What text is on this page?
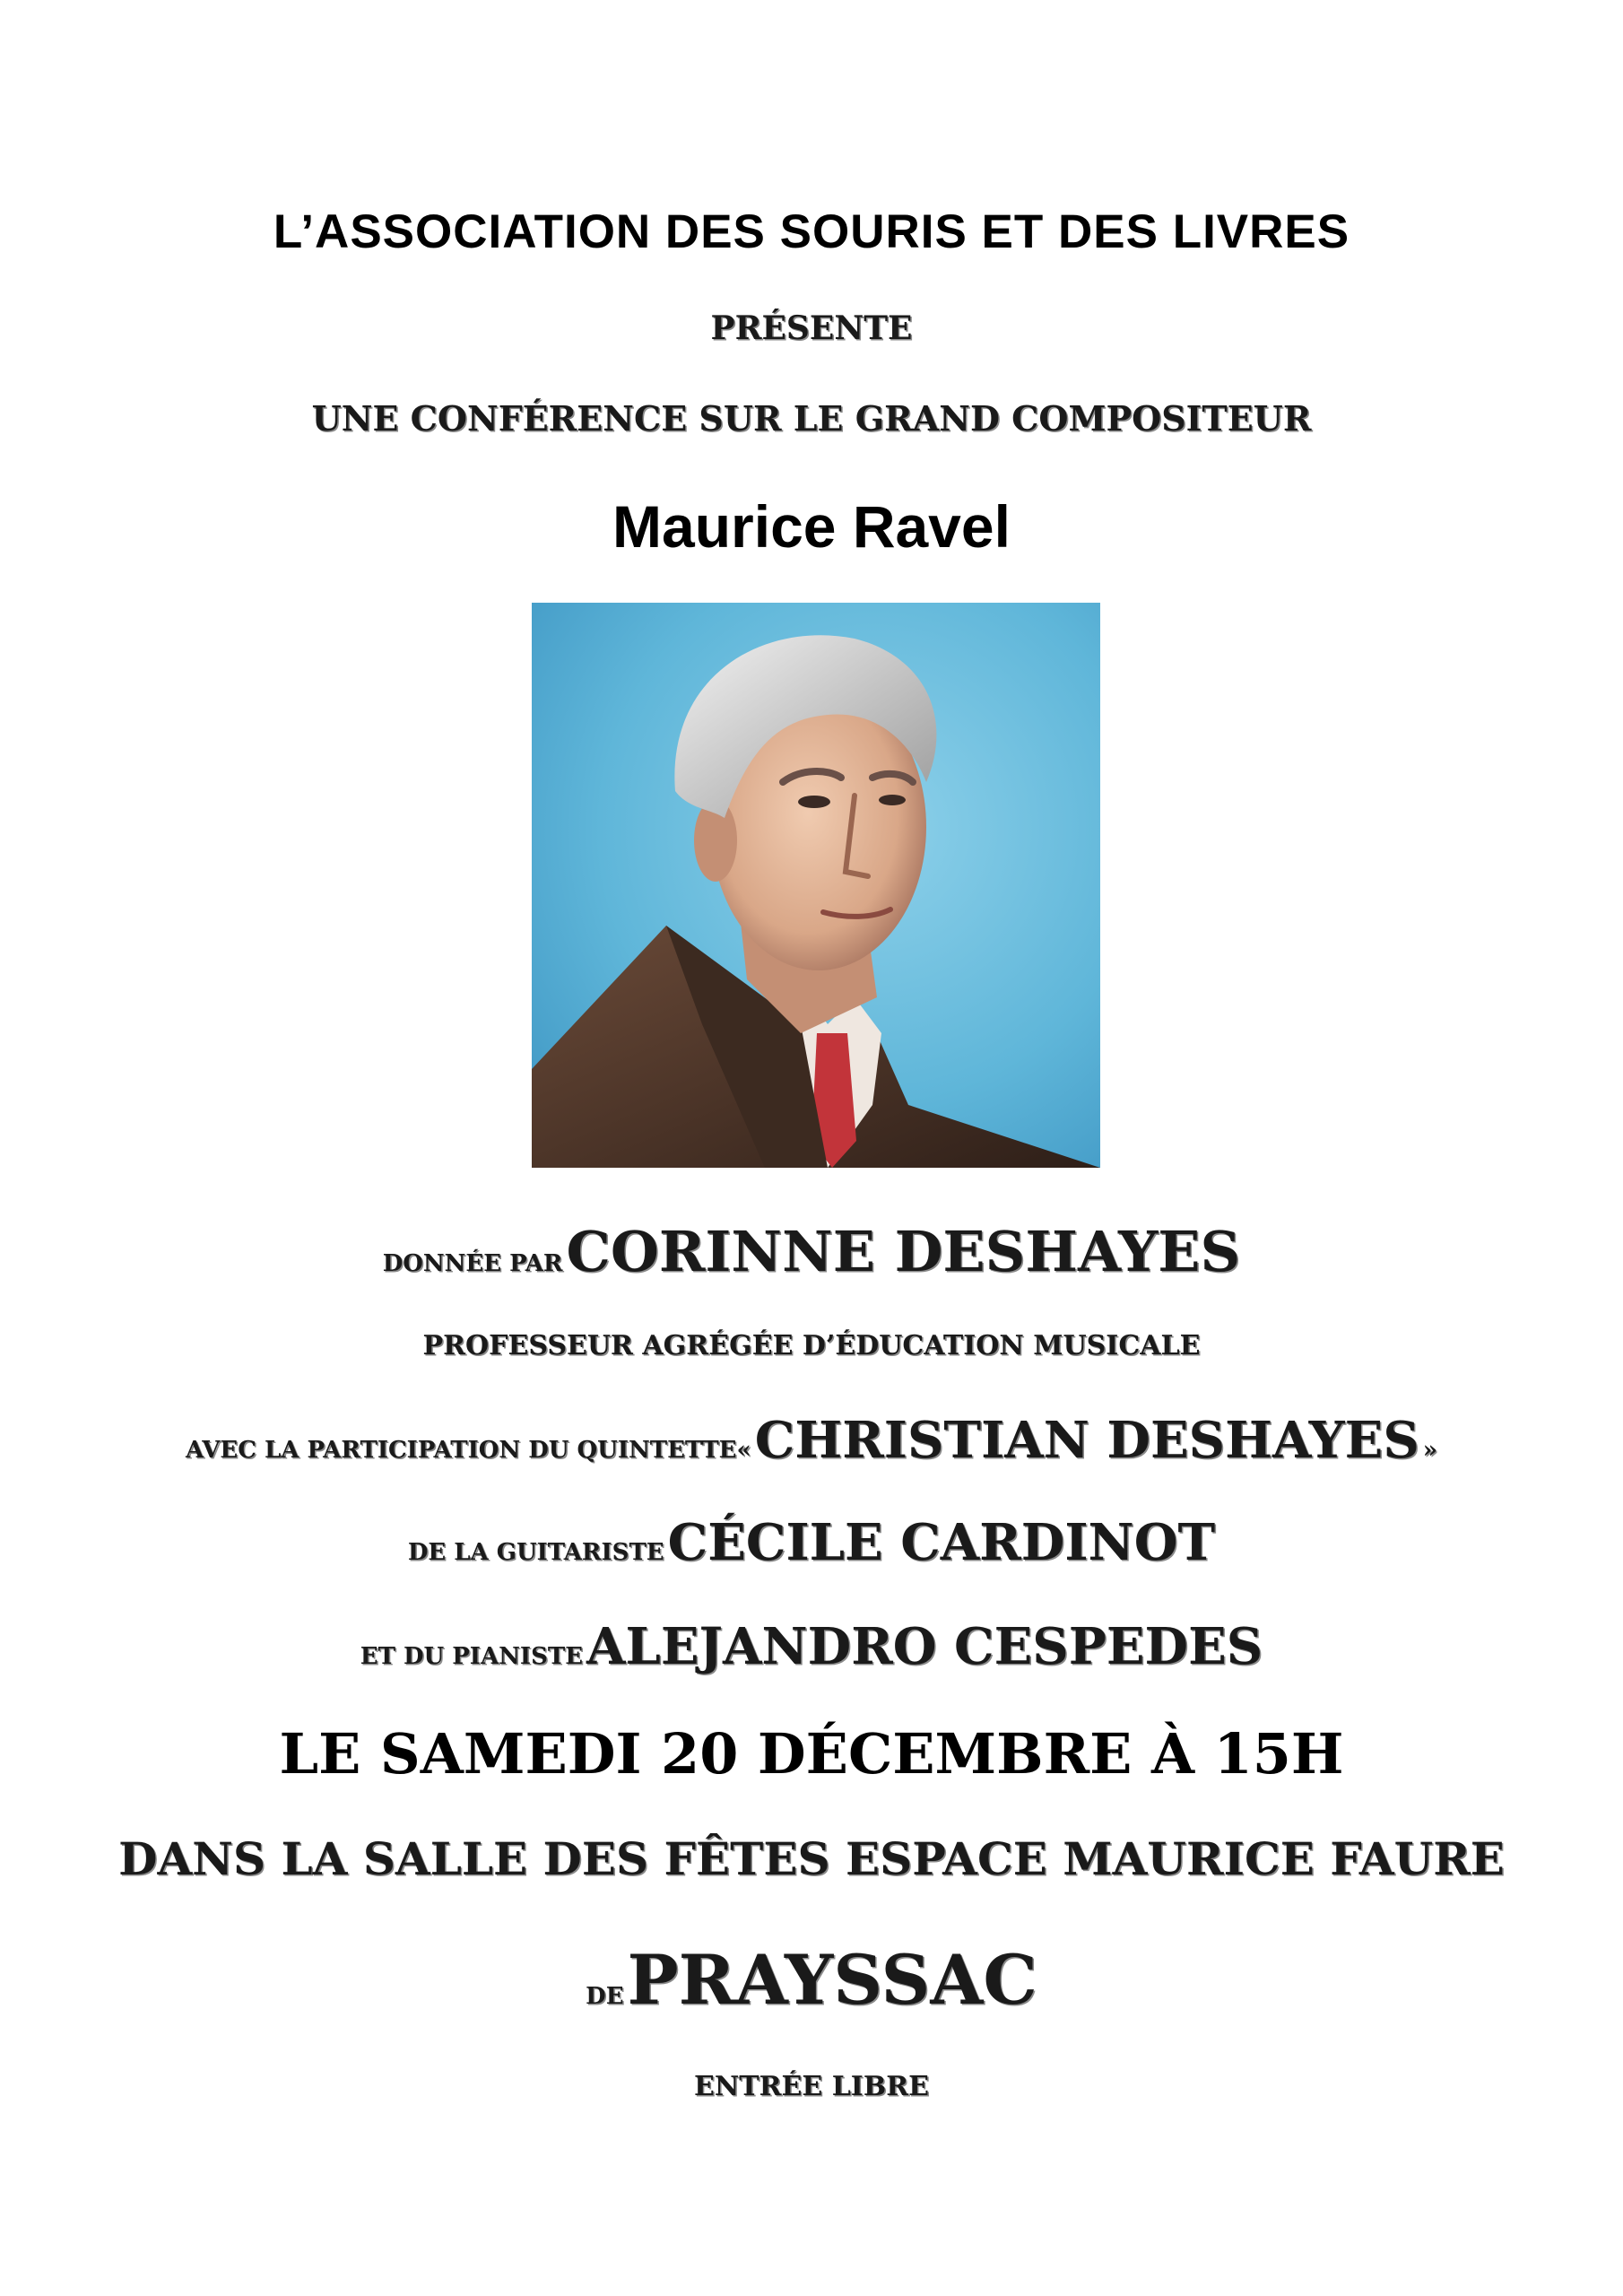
L’ASSOCIATION DES SOURIS ET DES LIVRES
PRÉSENTE
UNE CONFÉRENCE SUR LE GRAND COMPOSITEUR
Maurice Ravel
DONNÉE PAR CORINNE DESHAYES
PROFESSEUR AGRÉGÉE D’ÉDUCATION MUSICALE
AVEC LA PARTICIPATION DU QUINTETTE« CHRISTIAN DESHAYES »
DE LA GUITARISTE CÉCILE CARDINOT
ET DU PIANISTE ALEJANDRO CESPEDES
LE SAMEDI 20 DÉCEMBRE À 15H
DANS LA SALLE DES FÊTES ESPACE MAURICE FAURE
DE PRAYSSAC
ENTRÉE LIBRE
